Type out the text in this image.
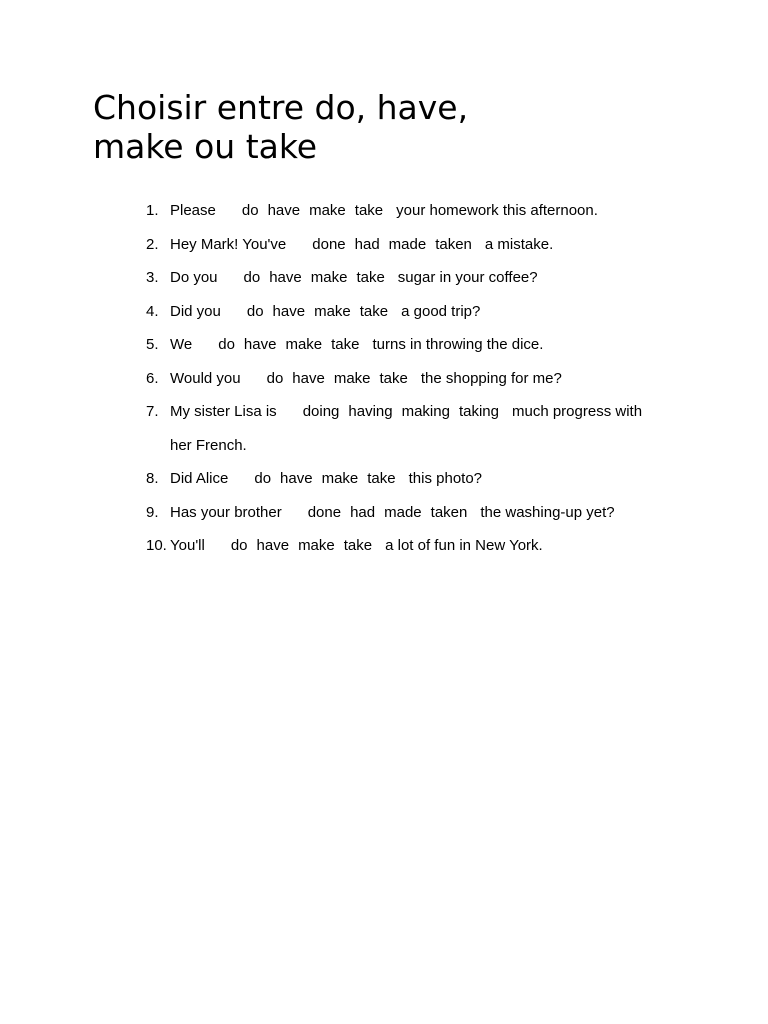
Choisir entre do, have,
make ou take
1. Please do have make take your homework this afternoon.
2. Hey Mark! You've done had made taken a mistake.
3. Do you do have make take sugar in your coffee?
4. Did you do have make take a good trip?
5. We do have make take turns in throwing the dice.
6. Would you do have make take the shopping for me?
7. My sister Lisa is doing having making taking much progress with
her French.
8. Did Alice do have make take this photo?
9. Has your brother done had made taken the washing-up yet?
10. You'll do have make take a lot of fun in New York.
